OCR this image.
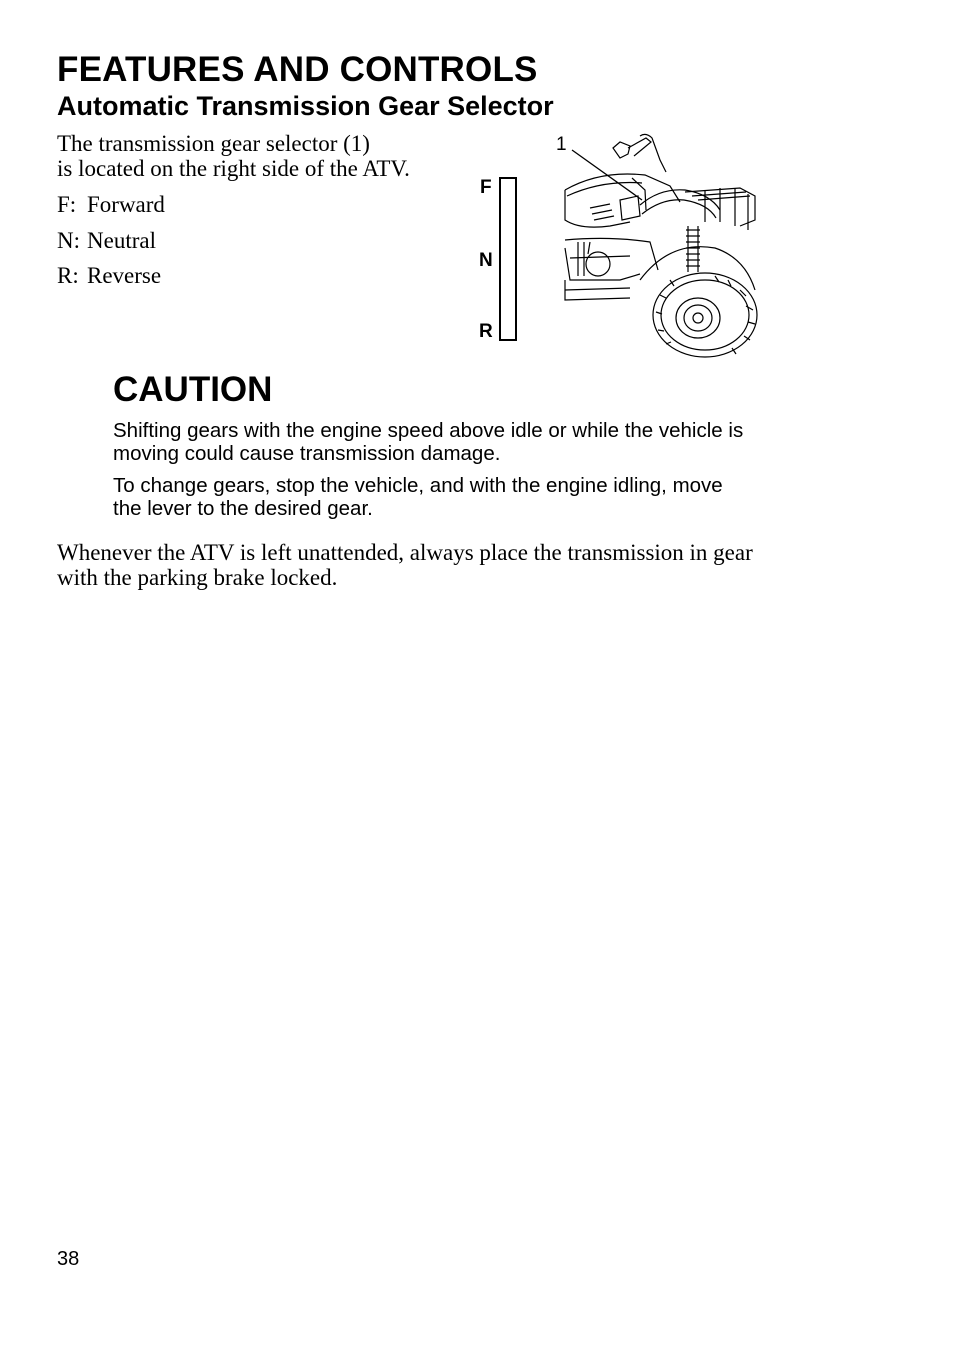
FEATURES AND CONTROLS
Automatic Transmission Gear Selector
The transmission gear selector (1)
is located on the right side of the ATV.
F: Forward
N: Neutral
R: Reverse
F
N
R
1
CAUTION

Shifting gears with the engine speed above idle or while the vehicle is moving could cause transmission damage.

To change gears, stop the vehicle, and with the engine idling, move the lever to the desired gear.

Whenever the ATV is left unattended, always place the transmission in gear with the parking brake locked.

38
